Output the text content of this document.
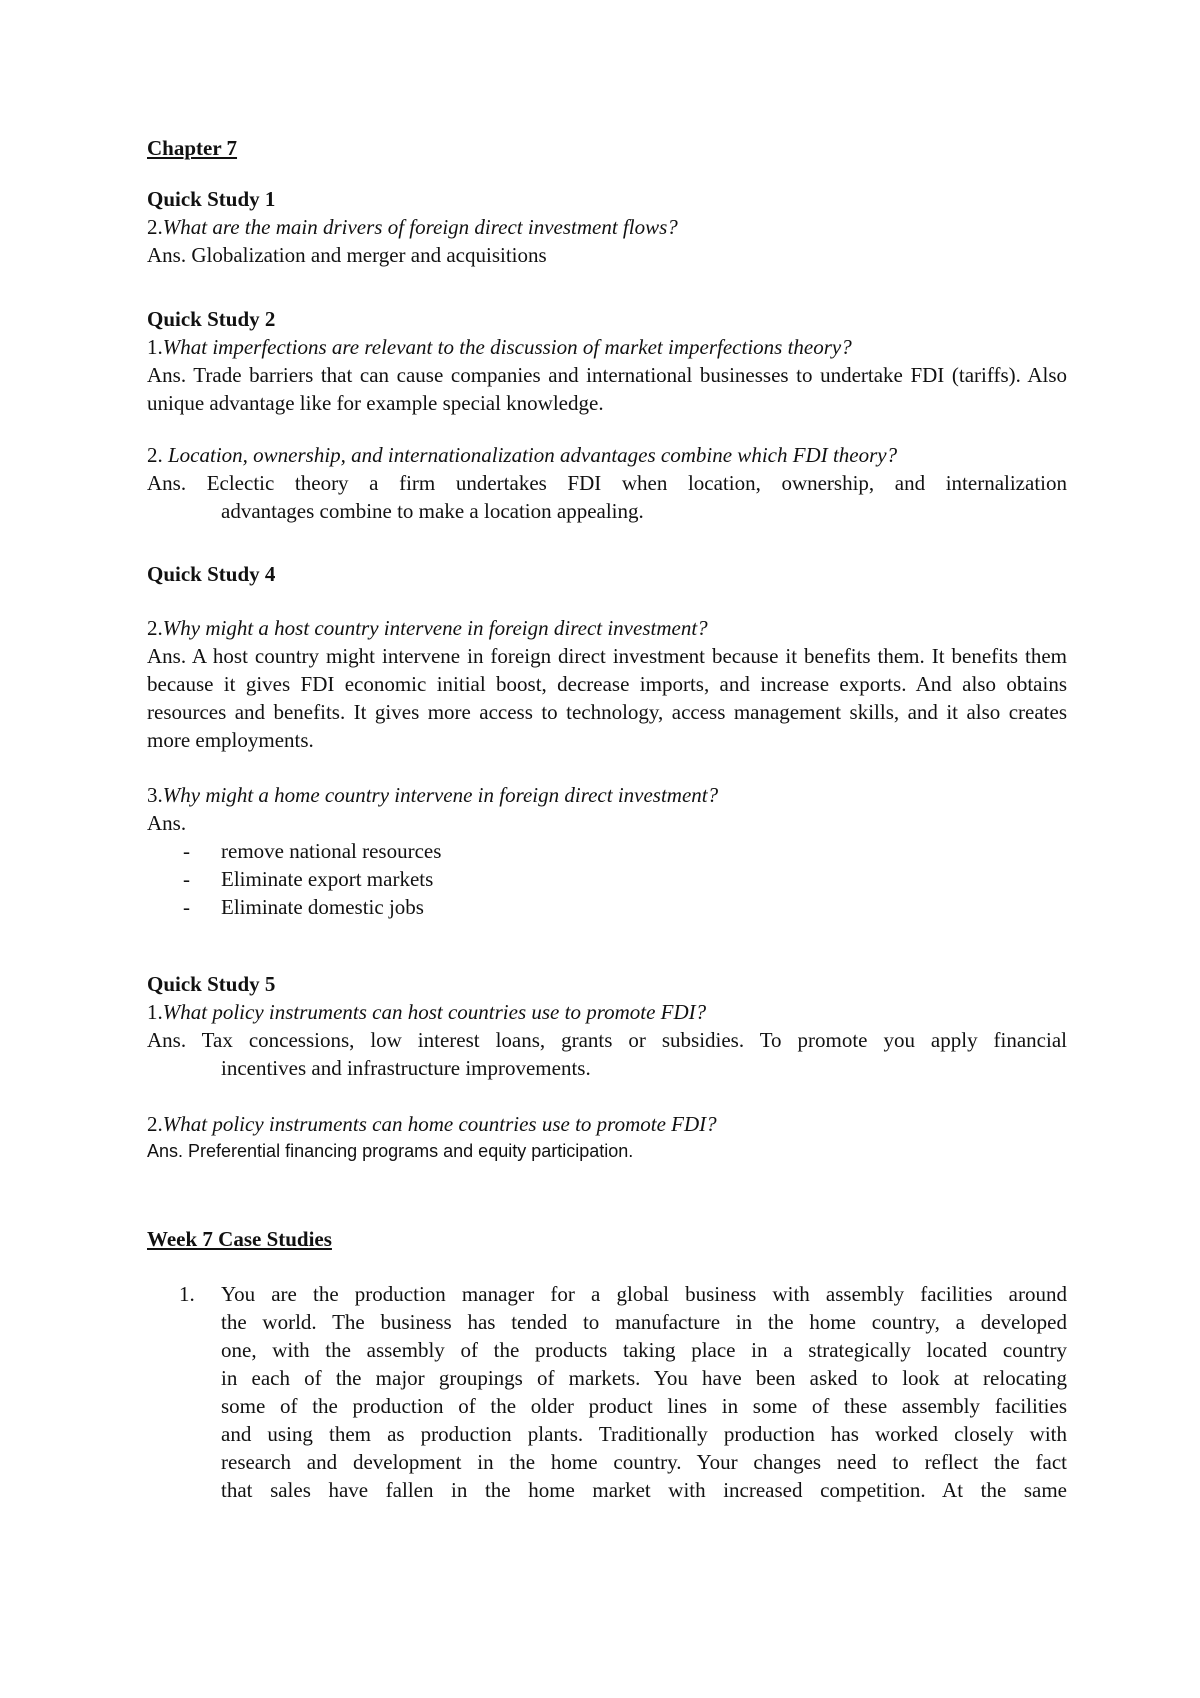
Chapter 7
Quick Study 1
2.What are the main drivers of foreign direct investment flows?
Ans. Globalization and merger and acquisitions
Quick Study 2
1.What imperfections are relevant to the discussion of market imperfections theory?
Ans. Trade barriers that can cause companies and international businesses to undertake FDI (tariffs). Also unique advantage like for example special knowledge.
2. Location, ownership, and internationalization advantages combine which FDI theory?
Ans. Eclectic theory a firm undertakes FDI when location, ownership, and internalization
advantages combine to make a location appealing.
Quick Study 4
2.Why might a host country intervene in foreign direct investment?
Ans. A host country might intervene in foreign direct investment because it benefits them. It benefits them because it gives FDI economic initial boost, decrease imports, and increase exports. And also obtains resources and benefits. It gives more access to technology, access management skills, and it also creates more employments.
3.Why might a home country intervene in foreign direct investment?
Ans.
- remove national resources
- Eliminate export markets
- Eliminate domestic jobs
Quick Study 5
1.What policy instruments can host countries use to promote FDI?
Ans. Tax concessions, low interest loans, grants or subsidies. To promote you apply financial
incentives and infrastructure improvements.
2.What policy instruments can home countries use to promote FDI?
Ans. Preferential financing programs and equity participation.
Week 7 Case Studies
1. You are the production manager for a global business with assembly facilities around
the world. The business has tended to manufacture in the home country, a developed
one, with the assembly of the products taking place in a strategically located country
in each of the major groupings of markets. You have been asked to look at relocating
some of the production of the older product lines in some of these assembly facilities
and using them as production plants. Traditionally production has worked closely with
research and development in the home country. Your changes need to reflect the fact
that sales have fallen in the home market with increased competition. At the same
